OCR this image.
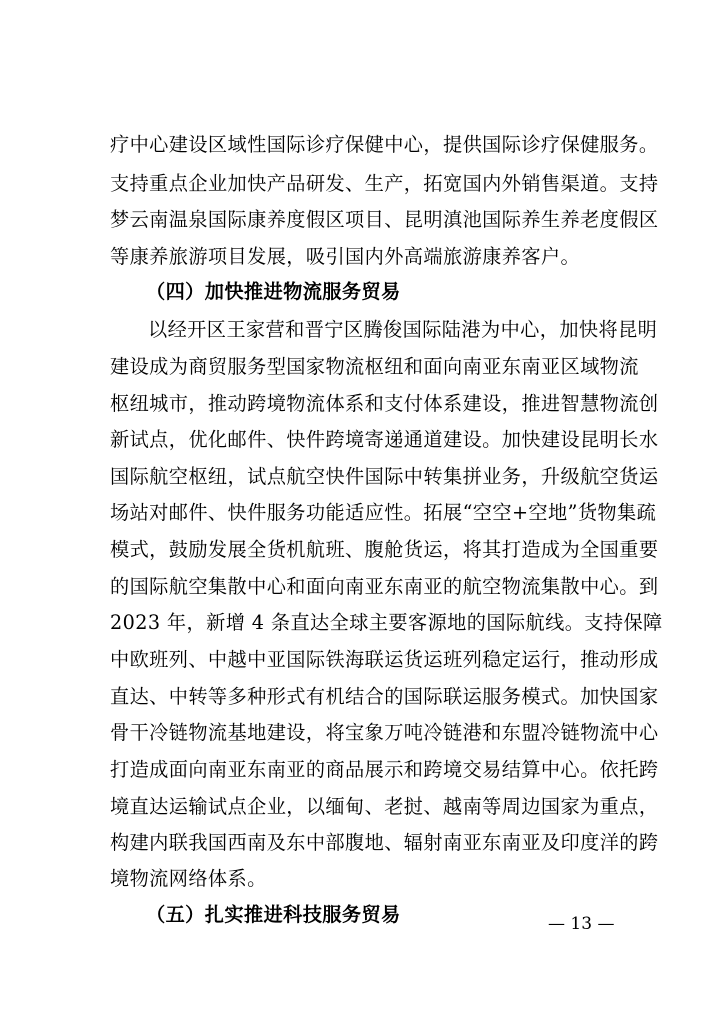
疗中心建设区域性国际诊疗保健中心，提供国际诊疗保健服务。
支持重点企业加快产品研发、生产，拓宽国内外销售渠道。支持
梦云南温泉国际康养度假区项目、昆明滇池国际养生养老度假区
等康养旅游项目发展，吸引国内外高端旅游康养客户。
（四）加快推进物流服务贸易
以经开区王家营和晋宁区腾俊国际陆港为中心，加快将昆明
建设成为商贸服务型国家物流枢纽和面向南亚东南亚区域物流
枢纽城市，推动跨境物流体系和支付体系建设，推进智慧物流创
新试点，优化邮件、快件跨境寄递通道建设。加快建设昆明长水
国际航空枢纽，试点航空快件国际中转集拼业务，升级航空货运
场站对邮件、快件服务功能适应性。拓展“空空+空地”货物集疏
模式，鼓励发展全货机航班、腹舱货运，将其打造成为全国重要
的国际航空集散中心和面向南亚东南亚的航空物流集散中心。到
2023 年，新增 4 条直达全球主要客源地的国际航线。支持保障
中欧班列、中越中亚国际铁海联运货运班列稳定运行，推动形成
直达、中转等多种形式有机结合的国际联运服务模式。加快国家
骨干冷链物流基地建设，将宝象万吨冷链港和东盟冷链物流中心
打造成面向南亚东南亚的商品展示和跨境交易结算中心。依托跨
境直达运输试点企业，以缅甸、老挝、越南等周边国家为重点，
构建内联我国西南及东中部腹地、辐射南亚东南亚及印度洋的跨
境物流网络体系。
（五）扎实推进科技服务贸易	— 13 —
